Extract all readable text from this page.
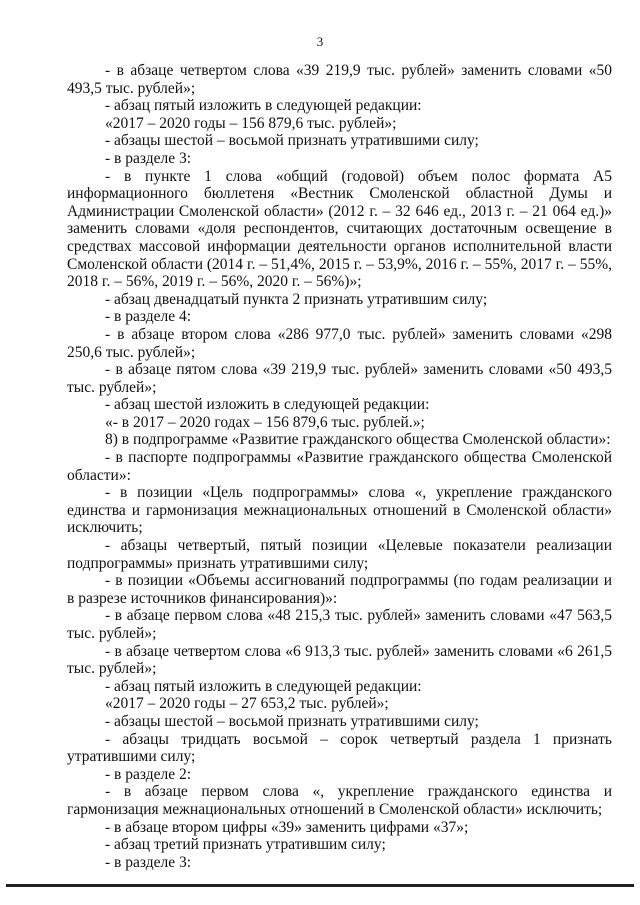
3

- в абзаце четвертом слова «39 219,9 тыс. рублей» заменить словами «50 493,5 тыс. рублей»;

- абзац пятый изложить в следующей редакции:

«2017 – 2020 годы – 156 879,6 тыс. рублей»;

- абзацы шестой – восьмой признать утратившими силу;

- в разделе 3:

- в пункте 1 слова «общий (годовой) объем полос формата А5 информационного бюллетеня «Вестник Смоленской областной Думы и Администрации Смоленской области» (2012 г. – 32 646 ед., 2013 г. – 21 064 ед.)» заменить словами «доля респондентов, считающих достаточным освещение в средствах массовой информации деятельности органов исполнительной власти Смоленской области (2014 г. – 51,4%, 2015 г. – 53,9%, 2016 г. – 55%, 2017 г. – 55%, 2018 г. – 56%, 2019 г. – 56%, 2020 г. – 56%)»;

- абзац двенадцатый пункта 2 признать утратившим силу;

- в разделе 4:

- в абзаце втором слова «286 977,0 тыс. рублей» заменить словами «298 250,6 тыс. рублей»;

- в абзаце пятом слова «39 219,9 тыс. рублей» заменить словами «50 493,5 тыс. рублей»;

- абзац шестой изложить в следующей редакции:

«- в 2017 – 2020 годах – 156 879,6 тыс. рублей.»;

8) в подпрограмме «Развитие гражданского общества Смоленской области»:

- в паспорте подпрограммы «Развитие гражданского общества Смоленской области»:

- в позиции «Цель подпрограммы» слова «, укрепление гражданского единства и гармонизация межнациональных отношений в Смоленской области» исключить;

- абзацы четвертый, пятый позиции «Целевые показатели реализации подпрограммы» признать утратившими силу;

- в позиции «Объемы ассигнований подпрограммы (по годам реализации и в разрезе источников финансирования)»:

- в абзаце первом слова «48 215,3 тыс. рублей» заменить словами «47 563,5 тыс. рублей»;

- в абзаце четвертом слова «6 913,3 тыс. рублей» заменить словами «6 261,5 тыс. рублей»;

- абзац пятый изложить в следующей редакции:

«2017 – 2020 годы – 27 653,2 тыс. рублей»;

- абзацы шестой – восьмой признать утратившими силу;

- абзацы тридцать восьмой – сорок четвертый раздела 1 признать утратившими силу;

- в разделе 2:

- в абзаце первом слова «, укрепление гражданского единства и гармонизация межнациональных отношений в Смоленской области» исключить;

- в абзаце втором цифры «39» заменить цифрами «37»;

- абзац третий признать утратившим силу;

- в разделе 3:
